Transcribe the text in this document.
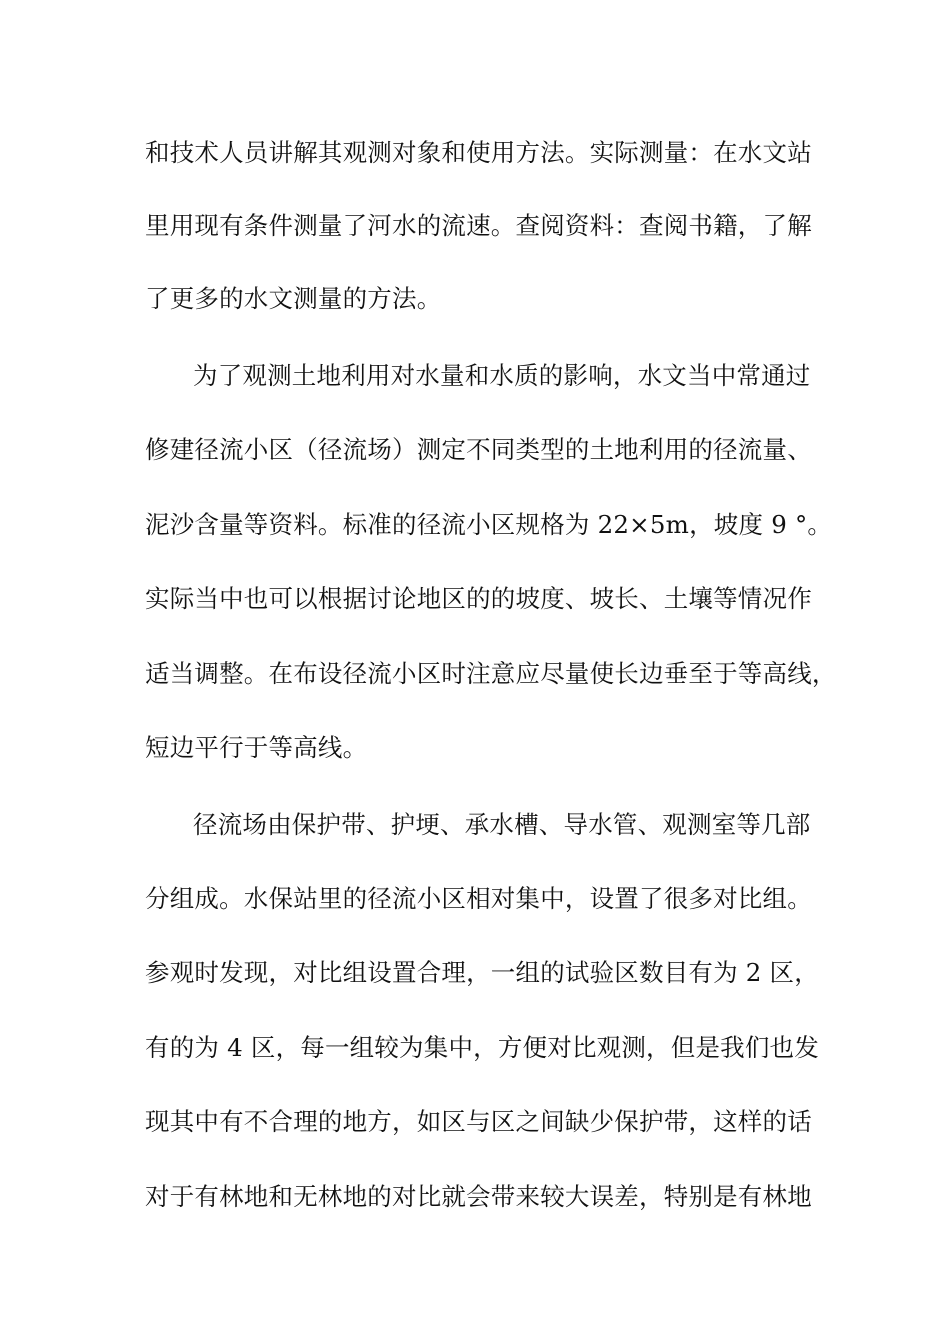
和技术人员讲解其观测对象和使用方法。实际测量：在水文站
里用现有条件测量了河水的流速。查阅资料：查阅书籍，了解
了更多的水文测量的方法。
为了观测土地利用对水量和水质的影响，水文当中常通过
修建径流小区（径流场）测定不同类型的土地利用的径流量、
泥沙含量等资料。标准的径流小区规格为 22×5m，坡度 9 °。
实际当中也可以根据讨论地区的的坡度、坡长、土壤等情况作
适当调整。在布设径流小区时注意应尽量使长边垂至于等高线，
短边平行于等高线。
径流场由保护带、护埂、承水槽、导水管、观测室等几部
分组成。水保站里的径流小区相对集中，设置了很多对比组。
参观时发现，对比组设置合理，一组的试验区数目有为 2 区，
有的为 4 区，每一组较为集中，方便对比观测，但是我们也发
现其中有不合理的地方，如区与区之间缺少保护带，这样的话
对于有林地和无林地的对比就会带来较大误差，特别是有林地
